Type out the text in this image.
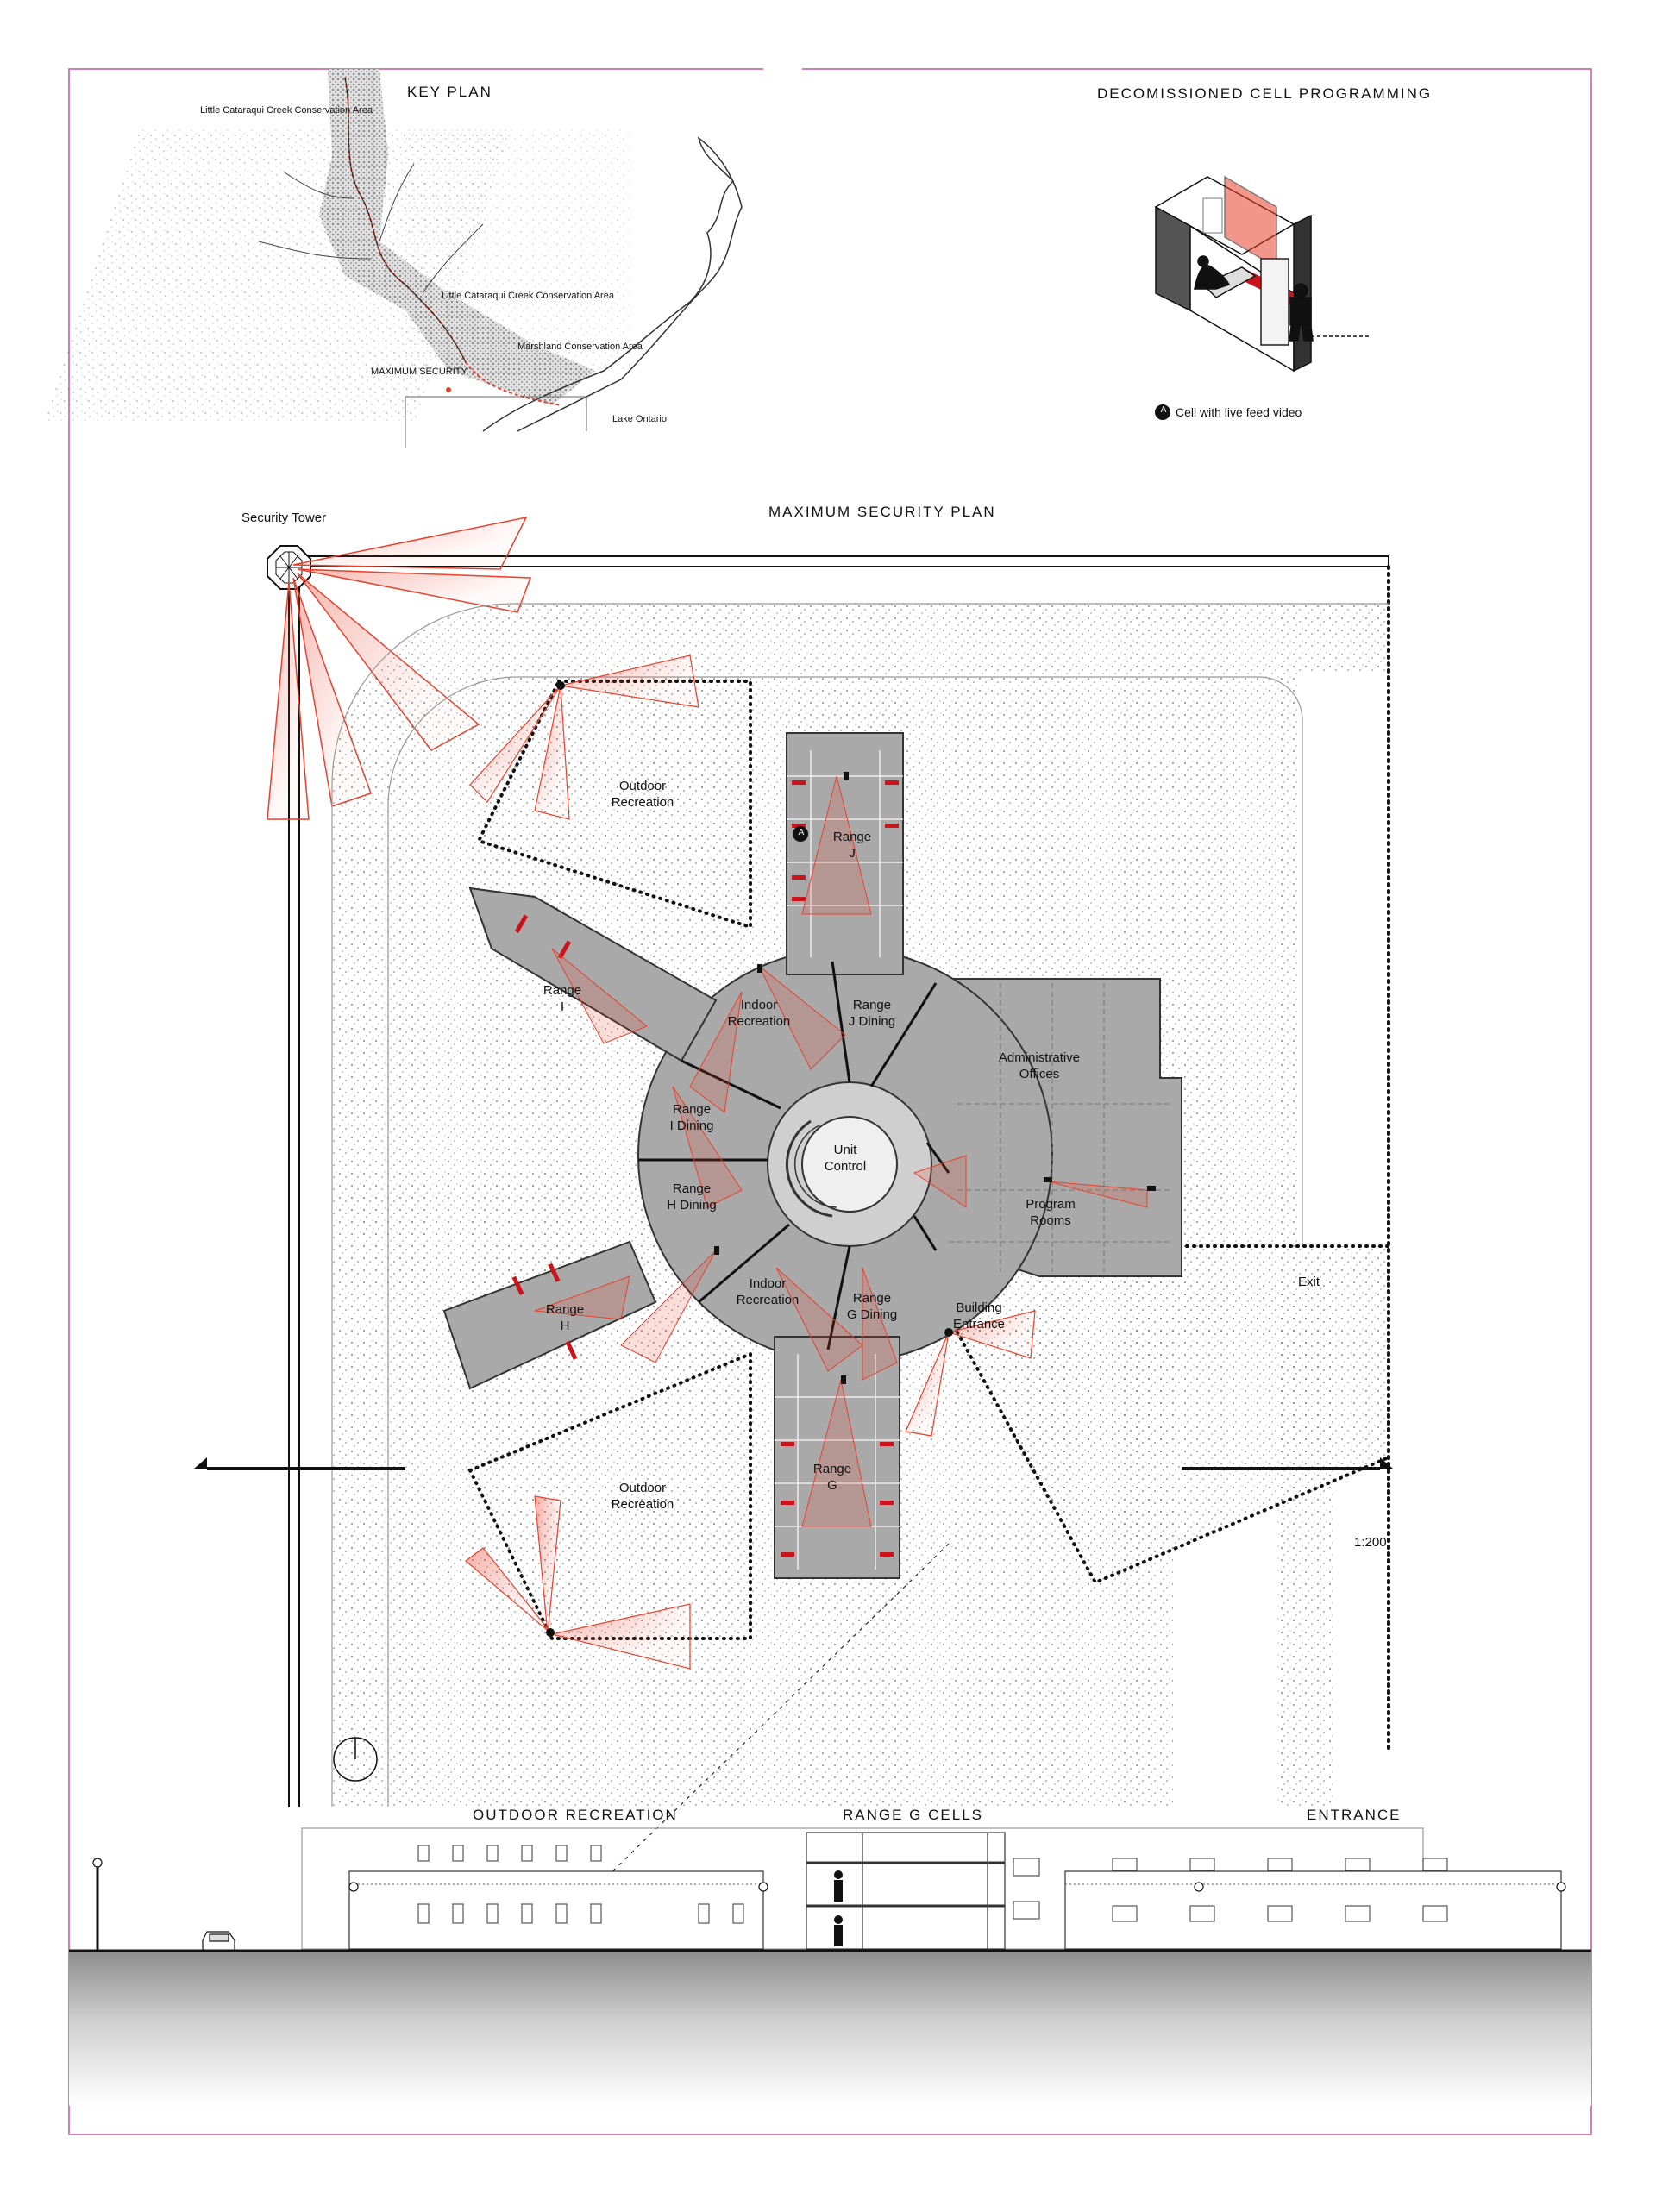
KEY PLAN
Little Cataraqui Creek Conservation Area
Little Cataraqui Creek Conservation Area
Marshland Conservation Area
MAXIMUM SECURITY
Lake Ontario
DECOMISSIONED CELL PROGRAMMING
A Cell with live feed video
MAXIMUM SECURITY PLAN
Security Tower
1:200
Exit
A
Outdoor
Recreation
Outdoor
Recreation
Range
J
Range
I
Range
H
Range
G
Indoor
Recreation
Indoor
Recreation
Range
J Dining
Range
I Dining
Range
H Dining
Range
G Dining
Unit
Control
Administrative
Offices
Program
Rooms
Building
Entrance
OUTDOOR RECREATION	RANGE G CELLS	ENTRANCE
